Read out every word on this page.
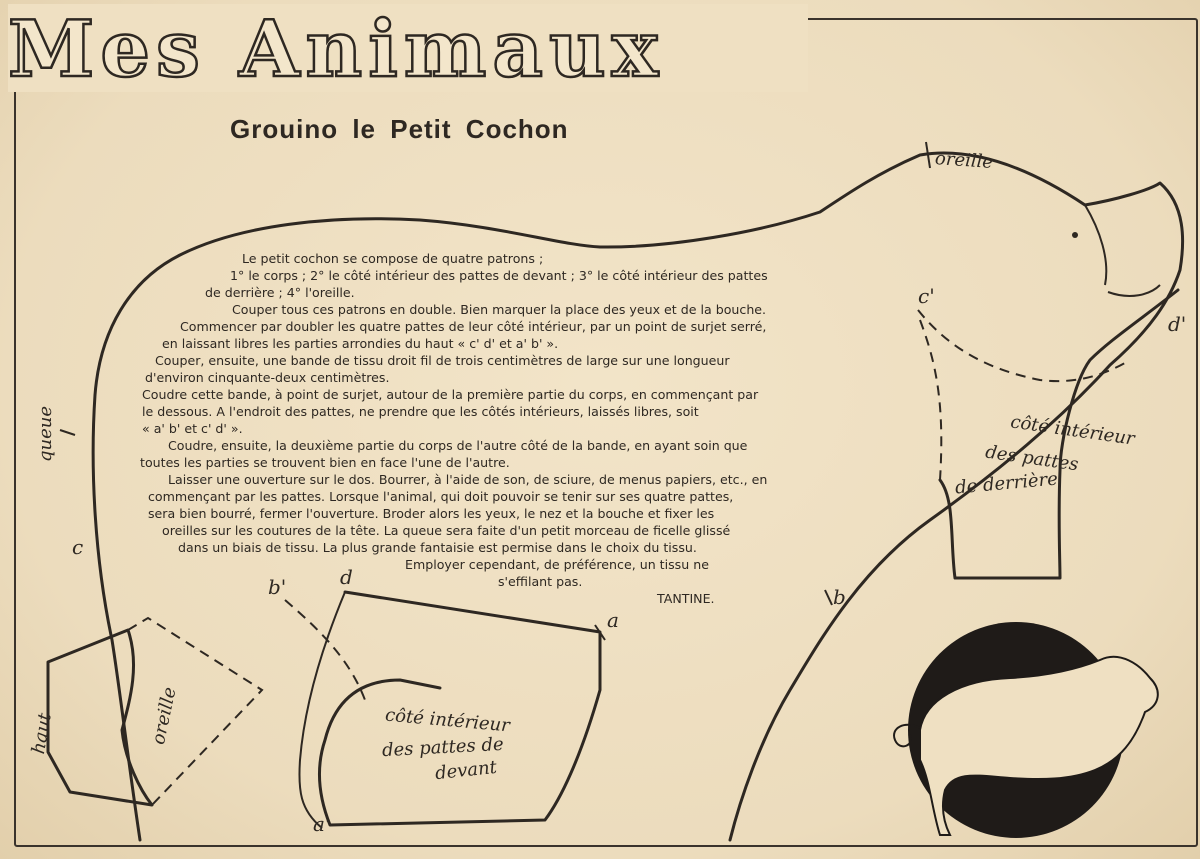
Mes Animaux
Grouino le Petit Cochon
Le petit cochon se compose de quatre patrons ;
1° le corps ; 2° le côté intérieur des pattes de devant ; 3° le côté intérieur des pattes
de derrière ; 4° l'oreille.
Couper tous ces patrons en double. Bien marquer la place des yeux et de la bouche.
Commencer par doubler les quatre pattes de leur côté intérieur, par un point de surjet serré,
en laissant libres les parties arrondies du haut « c' d' et a' b' ».
Couper, ensuite, une bande de tissu droit fil de trois centimètres de large sur une longueur
d'environ cinquante-deux centimètres.
Coudre cette bande, à point de surjet, autour de la première partie du corps, en commençant par
le dessous. A l'endroit des pattes, ne prendre que les côtés intérieurs, laissés libres, soit
« a' b' et c' d' ».
Coudre, ensuite, la deuxième partie du corps de l'autre côté de la bande, en ayant soin que
toutes les parties se trouvent bien en face l'une de l'autre.
Laisser une ouverture sur le dos. Bourrer, à l'aide de son, de sciure, de menus papiers, etc., en
commençant par les pattes. Lorsque l'animal, qui doit pouvoir se tenir sur ses quatre pattes,
sera bien bourré, fermer l'ouverture. Broder alors les yeux, le nez et la bouche et fixer les
oreilles sur les coutures de la tête. La queue sera faite d'un petit morceau de ficelle glissé
dans un biais de tissu. La plus grande fantaisie est permise dans le choix du tissu.
Employer cependant, de préférence, un tissu ne
s'effilant pas.
TANTINE.
oreille
queue
haut	oreille
côté intérieur
des pattes
de derrière
côté intérieur
des pattes de
devant
c'
d'
c
d
b'
a
b
a'
